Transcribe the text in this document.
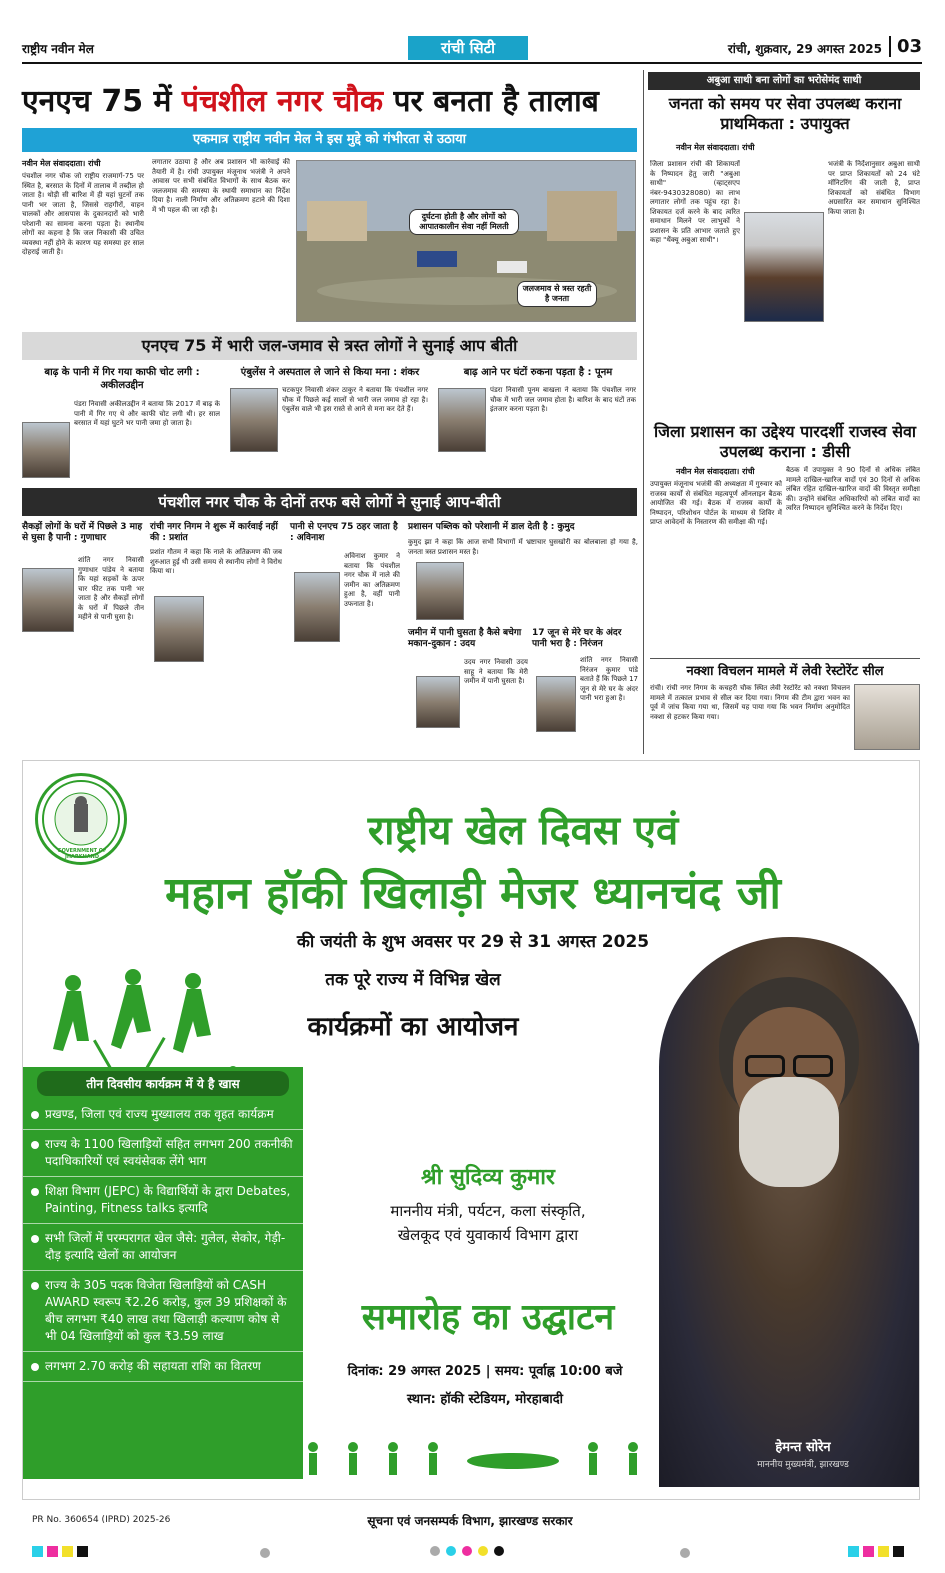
राष्ट्रीय नवीन मेल	रांची सिटी	रांची, शुक्रवार, 29 अगस्त 2025 03
एनएच 75 में पंचशील नगर चौक पर बनता है तालाब
एकमात्र राष्ट्रीय नवीन मेल ने इस मुद्दे को गंभीरता से उठाया
नवीन मेल संवाददाता। रांची
पंचशील नगर चौक जो राष्ट्रीय राजमार्ग-75 पर स्थित है, बरसात के दिनों में तालाब में तब्दील हो जाता है। थोड़ी सी बारिश में ही यहां घुटनों तक पानी भर जाता है, जिससे राहगीरों, वाहन चालकों और आसपास के दुकानदारों को भारी परेशानी का सामना करना पड़ता है। स्थानीय लोगों का कहना है कि जल निकासी की उचित व्यवस्था नहीं होने के कारण यह समस्या हर साल दोहराई जाती है।
लगातार उठाया है और अब प्रशासन भी कार्रवाई की तैयारी में है। रांची उपायुक्त मंजूनाथ भजंत्री ने अपने आवास पर सभी संबंधित विभागों के साथ बैठक कर जलजमाव की समस्या के स्थायी समाधान का निर्देश दिया है। नाली निर्माण और अतिक्रमण हटाने की दिशा में भी पहल की जा रही है।
दुर्घटना होती है और लोगों को आपातकालीन सेवा नहीं मिलती
जलजमाव से त्रस्त रहती है जनता
एनएच 75 में भारी जल-जमाव से त्रस्त लोगों ने सुनाई आप बीती
बाढ़ के पानी में गिर गया काफी चोट लगी : अकीलउद्दीन
पंडरा निवासी अकीलउद्दीन ने बताया कि 2017 में बाढ़ के पानी में गिर गए थे और काफी चोट लगी थी। हर साल बरसात में यहां घुटने भर पानी जमा हो जाता है।
एंबुलेंस ने अस्पताल ले जाने से किया मना : शंकर
चटकपुर निवासी शंकर ठाकुर ने बताया कि पंचशील नगर चौक में पिछले कई सालों से भारी जल जमाव हो रहा है। एंबुलेंस वाले भी इस रास्ते से आने से मना कर देते हैं।
बाढ़ आने पर घंटों रुकना पड़ता है : पूनम
पंडरा निवासी पूनम बाखला ने बताया कि पंचशील नगर चौक में भारी जल जमाव होता है। बारिश के बाद घंटों तक इंतजार करना पड़ता है।
पंचशील नगर चौक के दोनों तरफ बसे लोगों ने सुनाई आप-बीती
सैकड़ों लोगों के घरों में पिछले 3 माह से घुसा है पानी : गुणाधार
शांति नगर निवासी गुणाधार पांडेय ने बताया कि यहां सड़कों के ऊपर चार फीट तक पानी भर जाता है और सैकड़ों लोगों के घरों में पिछले तीन महीने से पानी घुसा है।
रांची नगर निगम ने शुरू में कार्रवाई नहीं की : प्रशांत
प्रशांत गौतम ने कहा कि नाले के अतिक्रमण की जब शुरुआत हुई थी उसी समय से स्थानीय लोगों ने विरोध किया था।
पानी से एनएच 75 ठहर जाता है : अविनाश
अविनाश कुमार ने बताया कि पंचशील नगर चौक में नाले की जमीन का अतिक्रमण हुआ है, वहीं पानी उफनाता है।
प्रशासन पब्लिक को परेशानी में डाल देती है : कुमुद
कुमुद झा ने कहा कि आज सभी विभागों में भ्रष्टाचार घुसखोरी का बोलबाला हो गया है, जनता त्रस्त प्रशासन मस्त है।
जमीन में पानी घुसता है कैसे बचेगा मकान-दुकान : उदय
उदय नगर निवासी उदय साहू ने बताया कि मेरी जमीन में पानी घुसता है।
17 जून से मेरे घर के अंदर पानी भरा है : निरंजन
शांति नगर निवासी निरंजन कुमार पांडे बताते हैं कि पिछले 17 जून से मेरे घर के अंदर पानी भरा हुआ है।
अबुआ साथी बना लोगों का भरोसेमंद साथी
जनता को समय पर सेवा उपलब्ध कराना प्राथमिकता : उपायुक्त
नवीन मेल संवाददाता। रांची
जिला प्रशासन रांची की शिकायतों के निष्पादन हेतु जारी "अबुआ साथी" (व्हाट्सएप नंबर-9430328080) का लाभ लगातार लोगों तक पहुंच रहा है। शिकायत दर्ज करने के बाद त्वरित समाधान मिलने पर लाभुकों ने प्रशासन के प्रति आभार जताते हुए कहा "थैंक्यू अबुआ साथी"।
भजंत्री के निर्देशानुसार अबुआ साथी पर प्राप्त शिकायतों को 24 घंटे मॉनिटरिंग की जाती है, प्राप्त शिकायतों को संबंधित विभाग अग्रसारित कर समाधान सुनिश्चित किया जाता है।
जिला प्रशासन का उद्देश्य पारदर्शी राजस्व सेवा उपलब्ध कराना : डीसी
नवीन मेल संवाददाता। रांची
उपायुक्त मंजूनाथ भजंत्री की अध्यक्षता में गुरुवार को राजस्व कार्यों से संबंधित महत्वपूर्ण ऑनलाइन बैठक आयोजित की गई। बैठक में राजस्व कार्यों के निष्पादन, परिशोधन पोर्टल के माध्यम से शिविर में प्राप्त आवेदनों के निस्तारण की समीक्षा की गई।
बैठक में उपायुक्त ने 90 दिनों से अधिक लंबित मामले दाखिल-खारिज वादों एवं 30 दिनों से अधिक लंबित रहित दाखिल-खारिज वादों की विस्तृत समीक्षा की। उन्होंने संबंधित अधिकारियों को लंबित वादों का त्वरित निष्पादन सुनिश्चित करने के निर्देश दिए।
नक्शा विचलन मामले में लेवी रेस्टोरेंट सील
रांची। रांची नगर निगम के कचहरी चौक स्थित लेवी रेस्टोरेंट को नक्शा विचलन मामले में तत्काल प्रभाव से सील कर दिया गया। निगम की टीम द्वारा भवन का पूर्व में जांच किया गया था, जिसमें यह पाया गया कि भवन निर्माण अनुमोदित नक्शा से हटकर किया गया।
GOVERNMENT OF JHARKHAND
राष्ट्रीय खेल दिवस एवं
महान हॉकी खिलाड़ी मेजर ध्यानचंद जी
की जयंती के शुभ अवसर पर 29 से 31 अगस्त 2025
तक पूरे राज्य में विभिन्न खेल
कार्यक्रमों का आयोजन
तीन दिवसीय कार्यक्रम में ये है खास
प्रखण्ड, जिला एवं राज्य मुख्यालय तक वृहत कार्यक्रम
राज्य के 1100 खिलाड़ियों सहित लगभग 200 तकनीकी पदाधिकारियों एवं स्वयंसेवक लेंगे भाग
शिक्षा विभाग (JEPC) के विद्यार्थियों के द्वारा Debates, Painting, Fitness talks इत्यादि
सभी जिलों में परम्परागत खेल जैसे: गुलेल, सेकोर, गेड़ी-दौड़ इत्यादि खेलों का आयोजन
राज्य के 305 पदक विजेता खिलाड़ियों को CASH AWARD स्वरूप ₹2.26 करोड़, कुल 39 प्रशिक्षकों के बीच लगभग ₹40 लाख तथा खिलाड़ी कल्याण कोष से भी 04 खिलाड़ियों को कुल ₹3.59 लाख
लगभग 2.70 करोड़ की सहायता राशि का वितरण
श्री सुदिव्य कुमार
माननीय मंत्री, पर्यटन, कला संस्कृति,
खेलकूद एवं युवाकार्य विभाग द्वारा
समारोह का उद्घाटन
दिनांक: 29 अगस्त 2025 | समय: पूर्वाह्न 10:00 बजे
स्थान: हॉकी स्टेडियम, मोरहाबादी
हेमन्त सोरेन
माननीय मुख्यमंत्री, झारखण्ड
PR No. 360654 (IPRD) 2025-26	सूचना एवं जनसम्पर्क विभाग, झारखण्ड सरकार
